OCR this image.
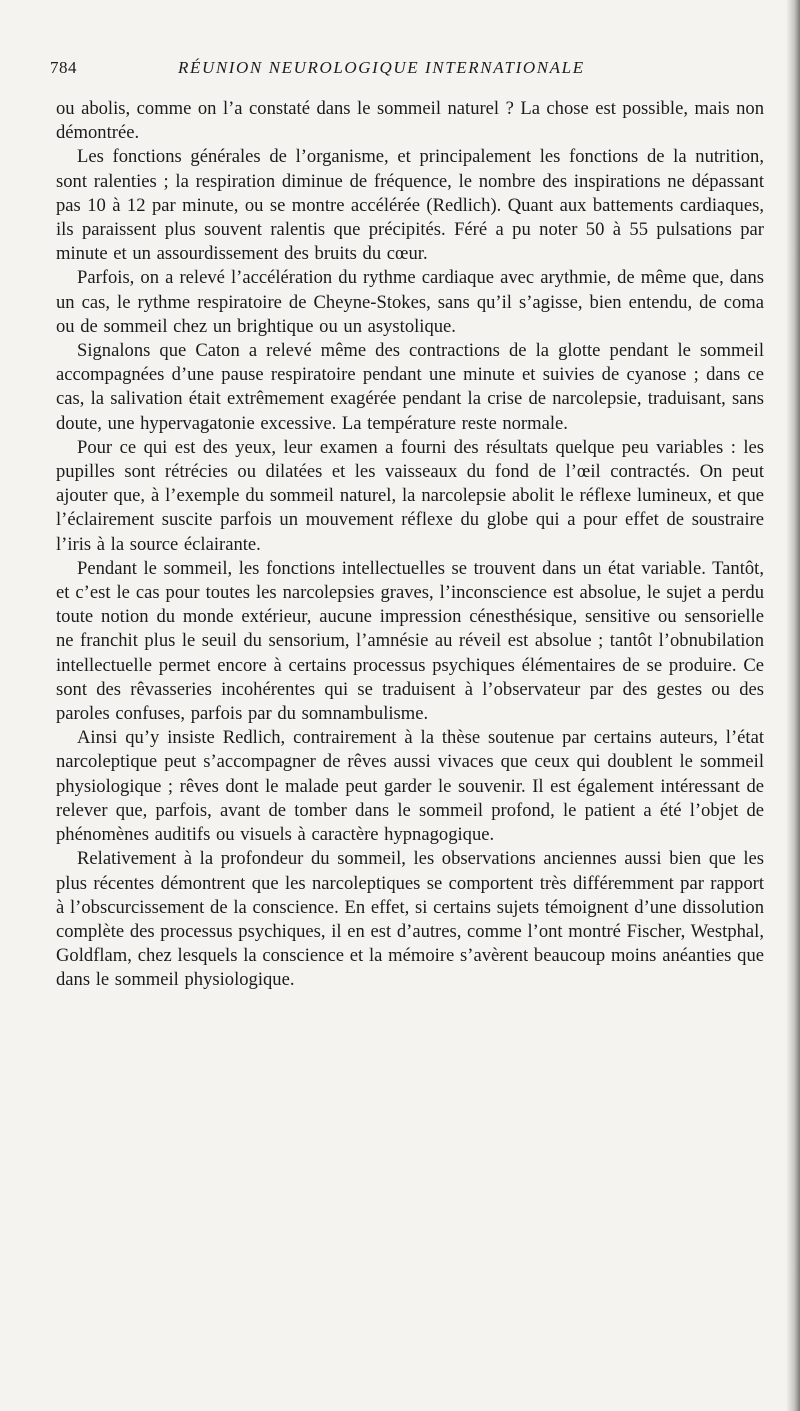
784	RÉUNION NEUROLOGIQUE INTERNATIONALE

ou abolis, comme on l’a constaté dans le sommeil naturel ? La chose est possible, mais non démontrée.

Les fonctions générales de l’organisme, et principalement les fonctions de la nutrition, sont ralenties ; la respiration diminue de fréquence, le nombre des inspirations ne dépassant pas 10 à 12 par minute, ou se montre accélérée (Redlich). Quant aux battements cardiaques, ils paraissent plus souvent ralentis que précipités. Féré a pu noter 50 à 55 pulsations par minute et un assourdissement des bruits du cœur.

Parfois, on a relevé l’accélération du rythme cardiaque avec arythmie, de même que, dans un cas, le rythme respiratoire de Cheyne-Stokes, sans qu’il s’agisse, bien entendu, de coma ou de sommeil chez un brightique ou un asystolique.

Signalons que Caton a relevé même des contractions de la glotte pendant le sommeil accompagnées d’une pause respiratoire pendant une minute et suivies de cyanose ; dans ce cas, la salivation était extrêmement exagérée pendant la crise de narcolepsie, traduisant, sans doute, une hypervagatonie excessive. La température reste normale.

Pour ce qui est des yeux, leur examen a fourni des résultats quelque peu variables : les pupilles sont rétrécies ou dilatées et les vaisseaux du fond de l’œil contractés. On peut ajouter que, à l’exemple du sommeil naturel, la narcolepsie abolit le réflexe lumineux, et que l’éclairement suscite parfois un mouvement réflexe du globe qui a pour effet de soustraire l’iris à la source éclairante.

Pendant le sommeil, les fonctions intellectuelles se trouvent dans un état variable. Tantôt, et c’est le cas pour toutes les narcolepsies graves, l’inconscience est absolue, le sujet a perdu toute notion du monde extérieur, aucune impression cénesthésique, sensitive ou sensorielle ne franchit plus le seuil du sensorium, l’amnésie au réveil est absolue ; tantôt l’obnubilation intellectuelle permet encore à certains processus psychiques élémentaires de se produire. Ce sont des rêvasseries incohérentes qui se traduisent à l’observateur par des gestes ou des paroles confuses, parfois par du somnambulisme.

Ainsi qu’y insiste Redlich, contrairement à la thèse soutenue par certains auteurs, l’état narcoleptique peut s’accompagner de rêves aussi vivaces que ceux qui doublent le sommeil physiologique ; rêves dont le malade peut garder le souvenir. Il est également intéressant de relever que, parfois, avant de tomber dans le sommeil profond, le patient a été l’objet de phénomènes auditifs ou visuels à caractère hypnagogique.

Relativement à la profondeur du sommeil, les observations anciennes aussi bien que les plus récentes démontrent que les narcoleptiques se comportent très différemment par rapport à l’obscurcissement de la conscience. En effet, si certains sujets témoignent d’une dissolution complète des processus psychiques, il en est d’autres, comme l’ont montré Fischer, Westphal, Goldflam, chez lesquels la conscience et la mémoire s’avèrent beaucoup moins anéanties que dans le sommeil physiologique.
